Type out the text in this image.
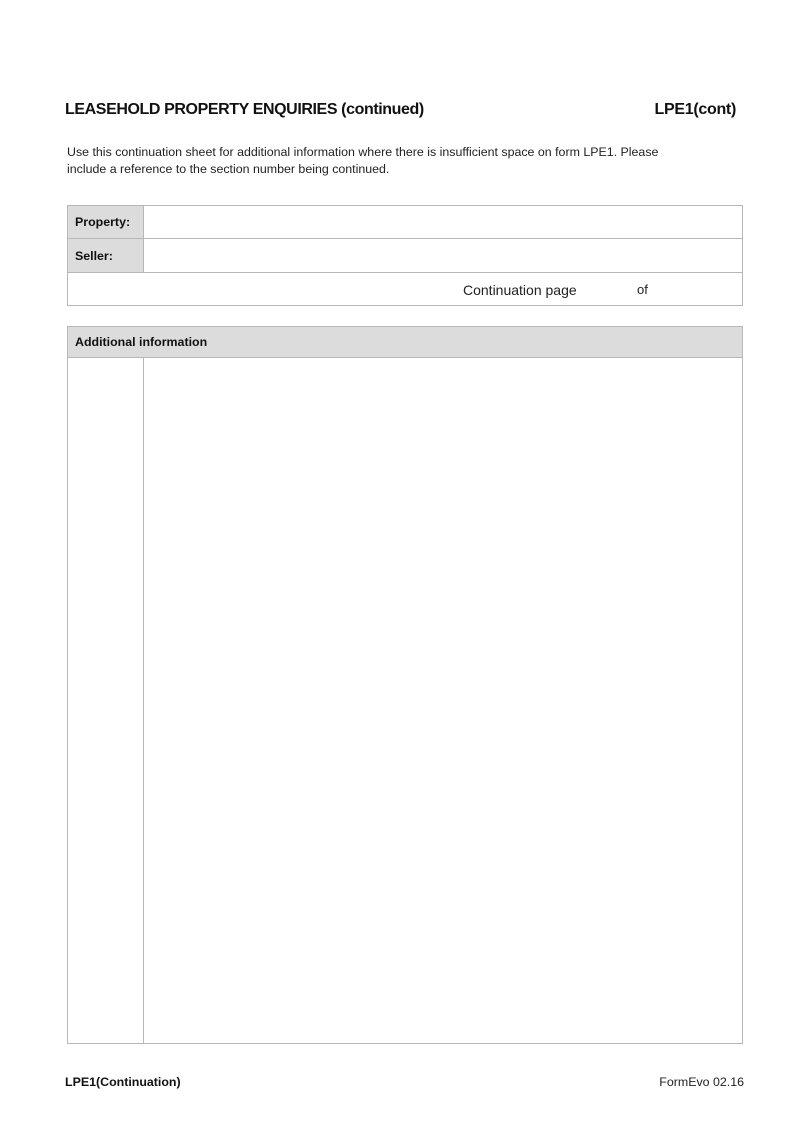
LEASEHOLD PROPERTY ENQUIRIES (continued)	LPE1(cont)
Use this continuation sheet for additional information where there is insufficient space on form LPE1. Please
include a reference to the section number being continued.
Property:
Seller:
Continuation page	of
Additional information
LPE1(Continuation)	FormEvo 02.16
